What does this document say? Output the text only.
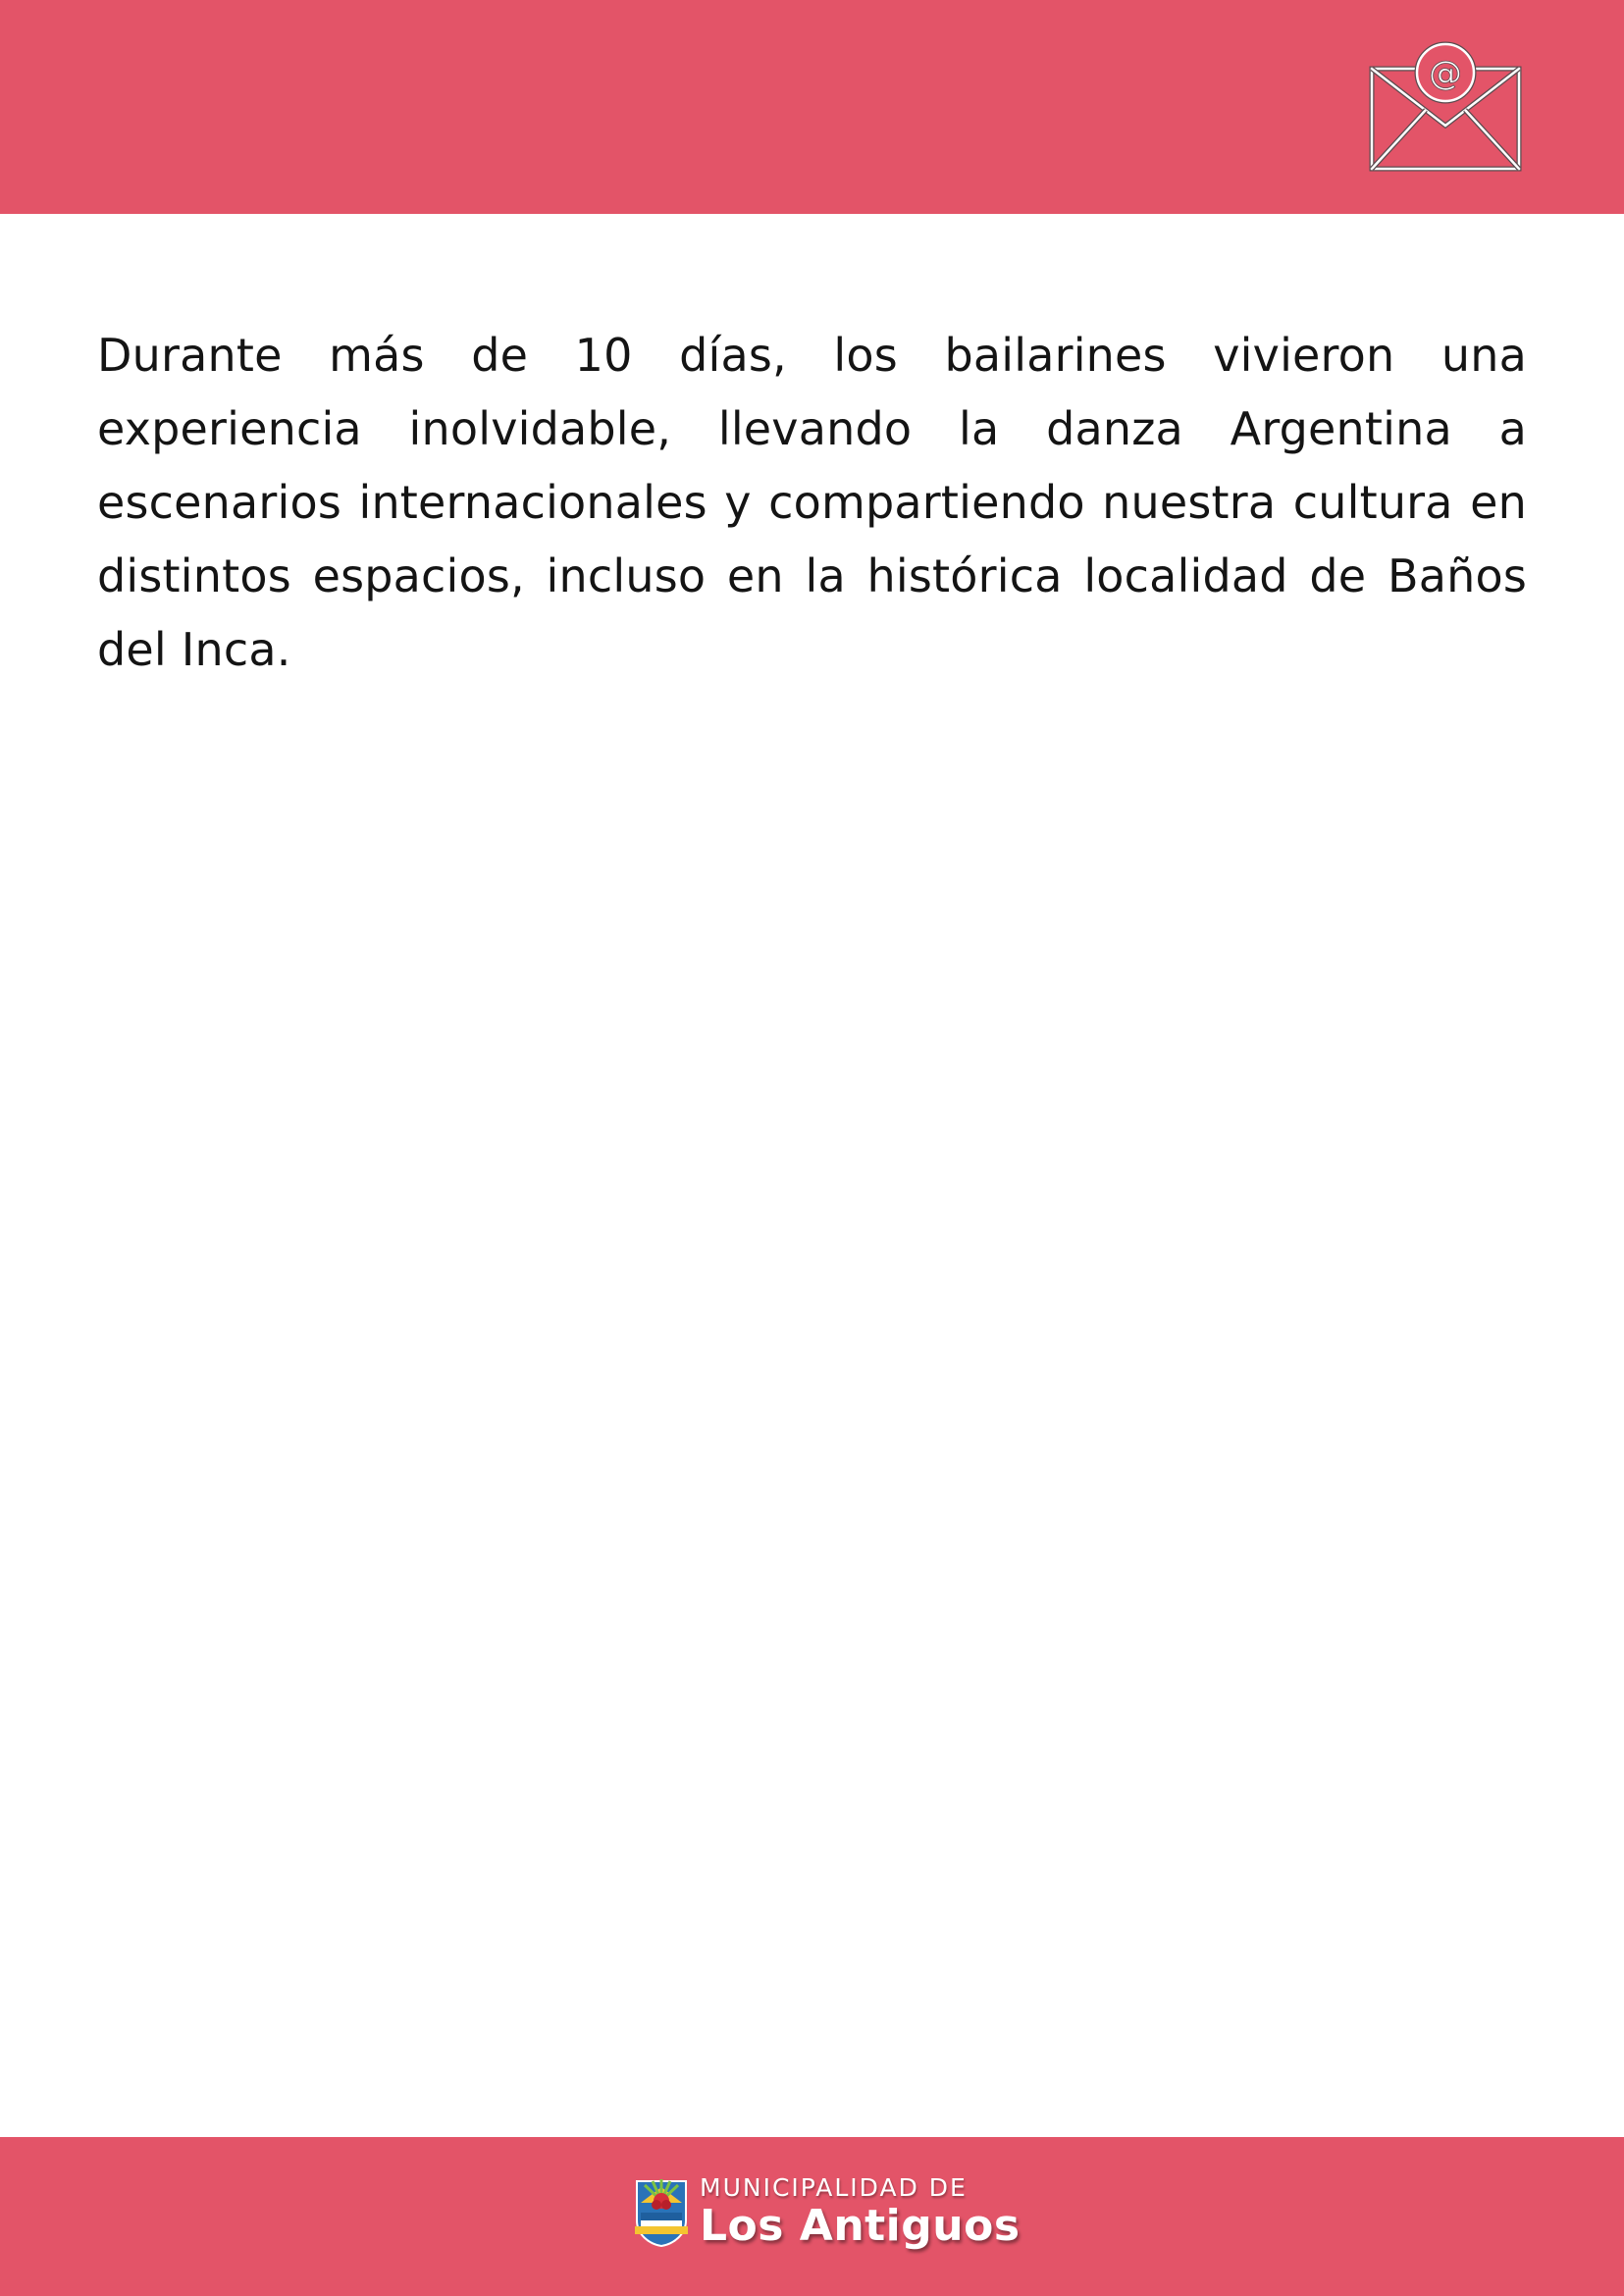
@

Durante más de 10 días, los bailarines vivieron una experiencia inolvidable, llevando la danza Argentina a escenarios internacionales y compartiendo nuestra cultura en distintos espacios, incluso en la histórica localidad de Baños del Inca.

MUNICIPALIDAD DE
Los Antiguos
